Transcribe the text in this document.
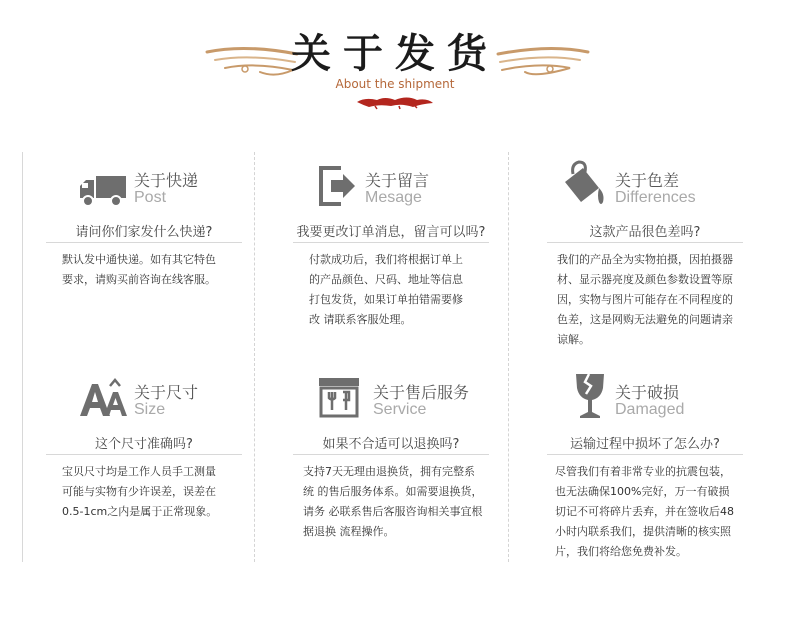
关于发货
About the shipment
关于快递
Post
请问你们家发什么快递?
默认发中通快递。如有其它特色要求，请购买前咨询在线客服。
关于留言
Mesage
我要更改订单消息，留言可以吗?
付款成功后，我们将根据订单上的产品颜色、尺码、地址等信息打包发货，如果订单拍错需要修改 请联系客服处理。
关于色差
Differences
这款产品很色差吗?
我们的产品全为实物拍摄，因拍摄器材、显示器亮度及颜色参数设置等原因，实物与图片可能存在不同程度的色差，这是网购无法避免的问题请亲谅解。
关于尺寸
Size
这个尺寸准确吗?
宝贝尺寸均是工作人员手工测量可能与实物有少许误差，误差在0.5-1cm之内是属于正常现象。
关于售后服务
Service
如果不合适可以退换吗?
支持7天无理由退换货，拥有完整系统 的售后服务体系。如需要退换货，请务 必联系售后客服咨询相关事宜根据退换 流程操作。
关于破损
Damaged
运输过程中损坏了怎么办?
尽管我们有着非常专业的抗震包装，也无法确保100%完好，万一有破损 切记不可将碎片丢弃，并在签收后48 小时内联系我们，提供清晰的核实照片，我们将给您免费补发。
